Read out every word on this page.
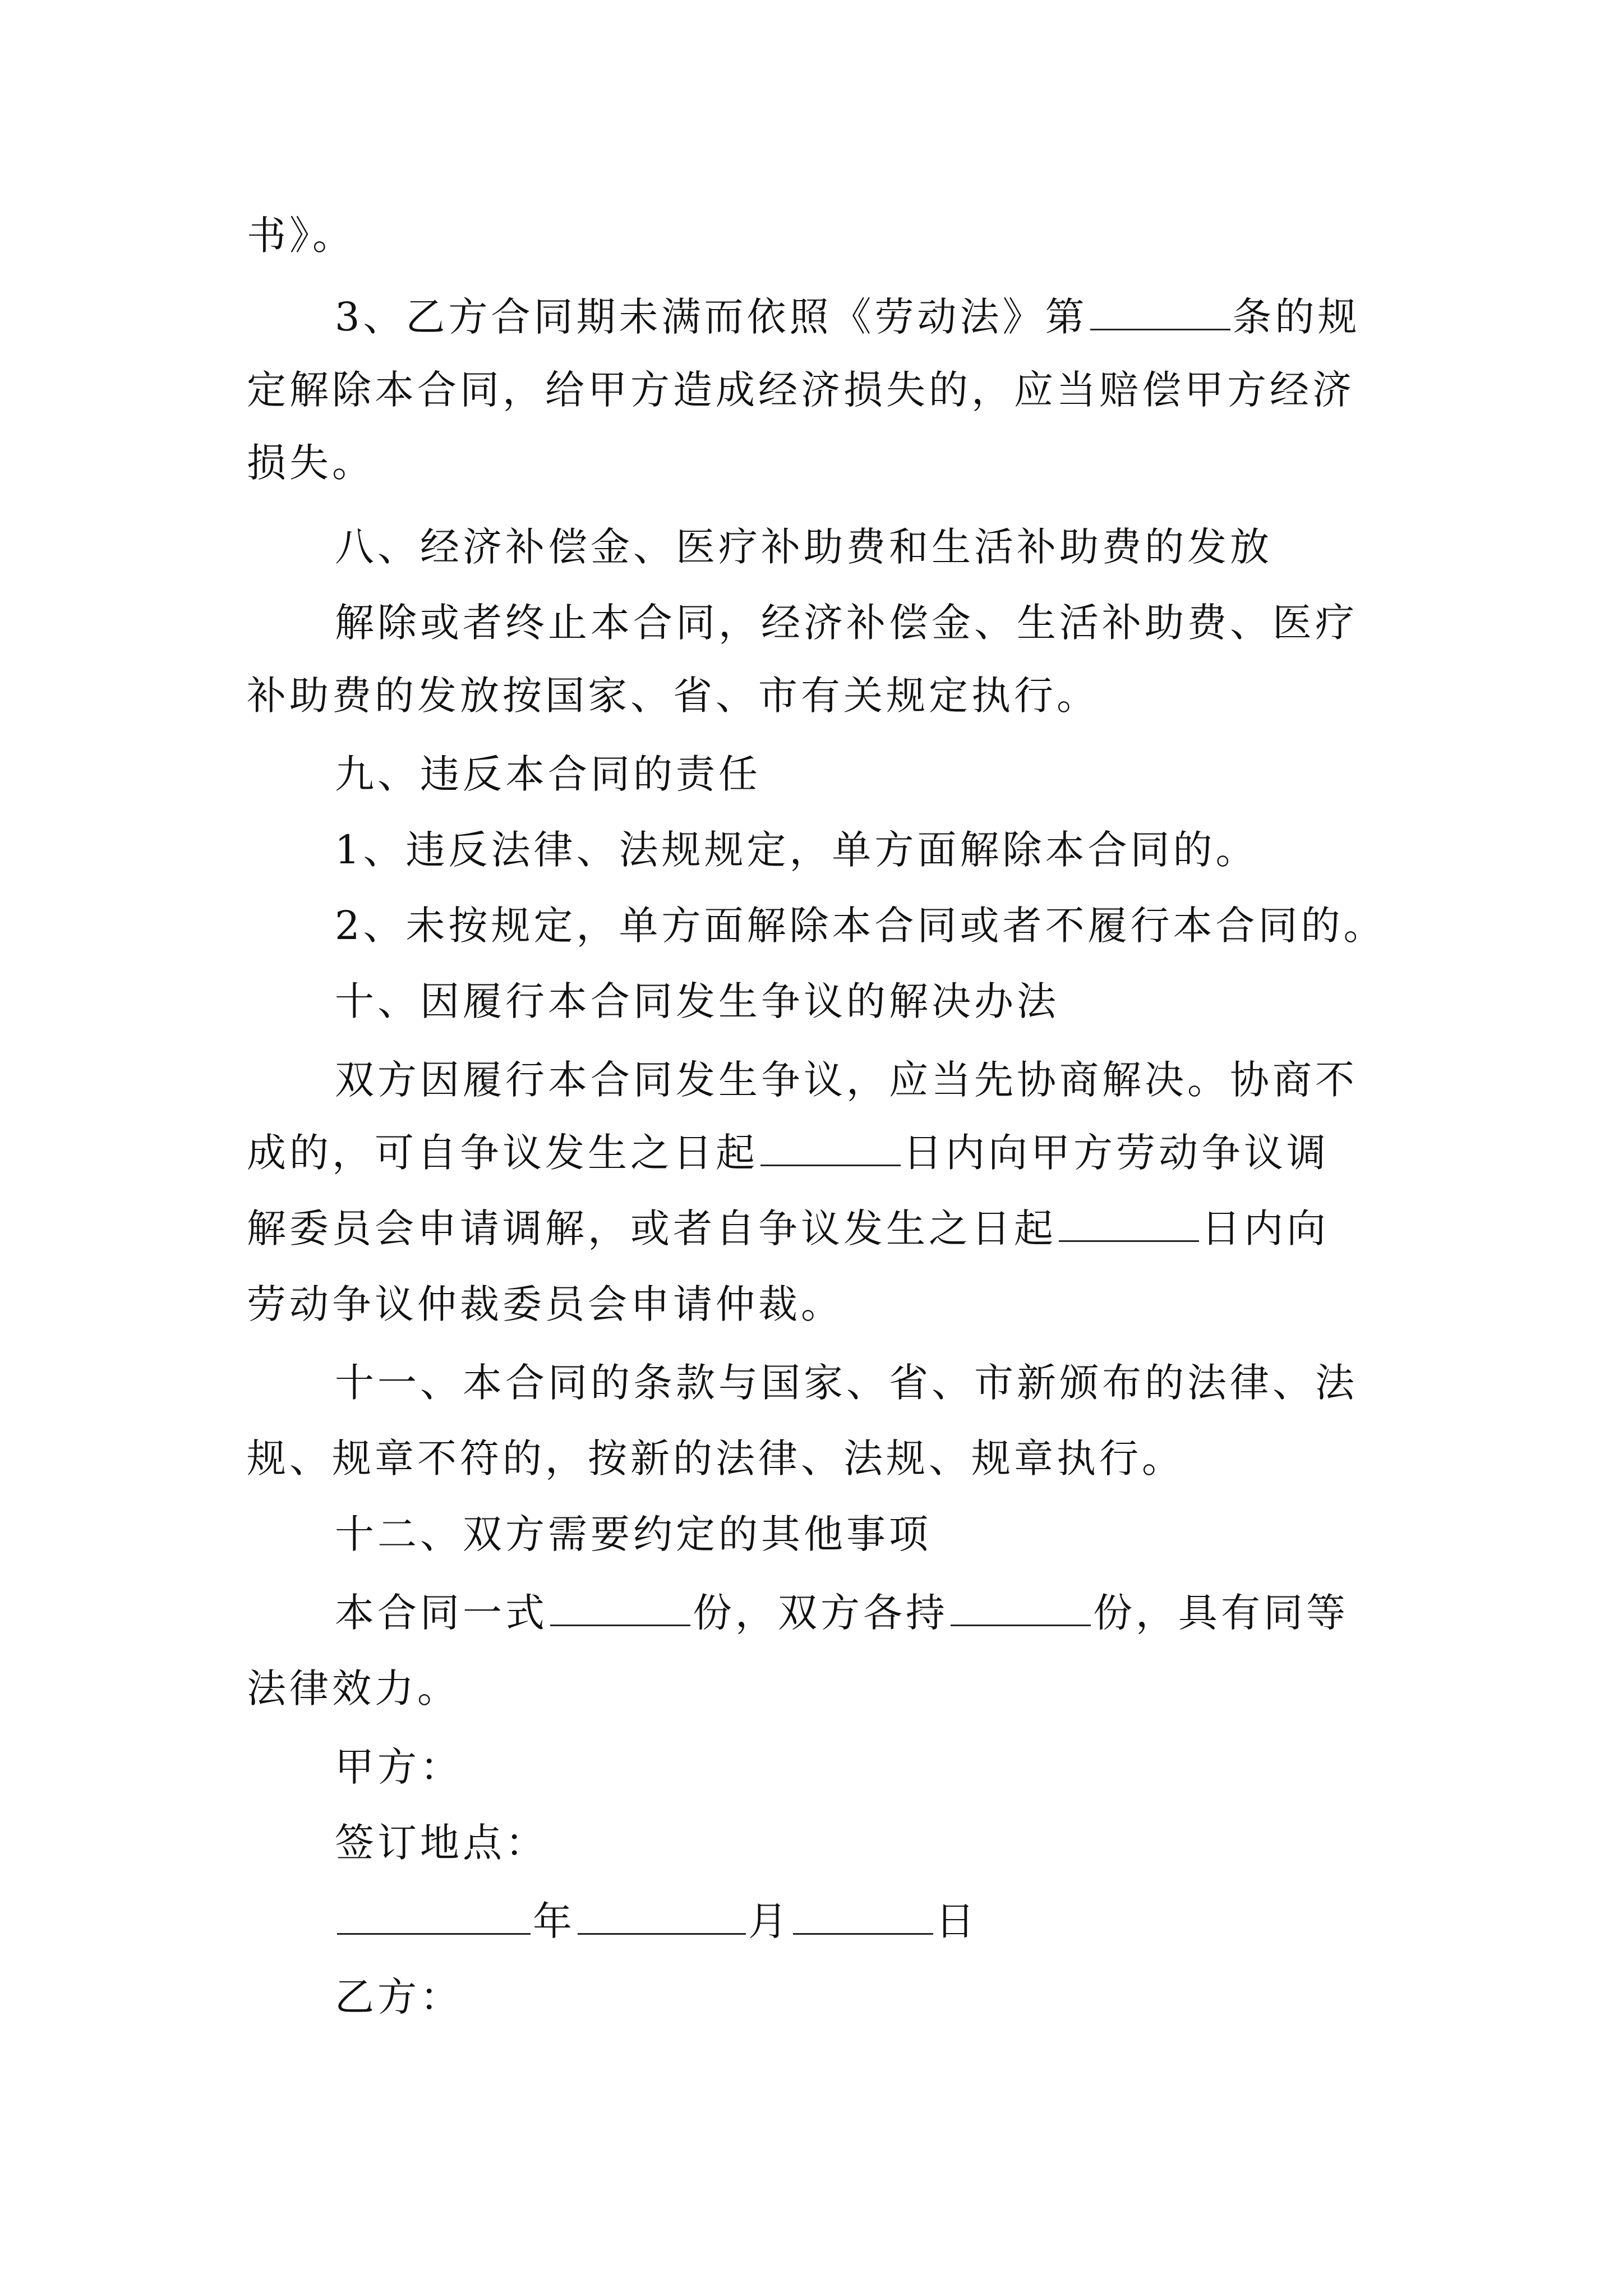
书》。
3、乙方合同期未满而依照《劳动法》第	条的规
定解除本合同，给甲方造成经济损失的，应当赔偿甲方经济
损失。
八、经济补偿金、医疗补助费和生活补助费的发放
解除或者终止本合同，经济补偿金、生活补助费、医疗
补助费的发放按国家、省、市有关规定执行。
九、违反本合同的责任
1、违反法律、法规规定，单方面解除本合同的。
2、未按规定，单方面解除本合同或者不履行本合同的。
十、因履行本合同发生争议的解决办法
双方因履行本合同发生争议，应当先协商解决。协商不
成的，可自争议发生之日起	日内向甲方劳动争议调
解委员会申请调解，或者自争议发生之日起	日内向
劳动争议仲裁委员会申请仲裁。
十一、本合同的条款与国家、省、市新颁布的法律、法
规、规章不符的，按新的法律、法规、规章执行。
十二、双方需要约定的其他事项
本合同一式	份，双方各持	份，具有同等
法律效力。
甲方：
签订地点：
年	月	日
乙方：
